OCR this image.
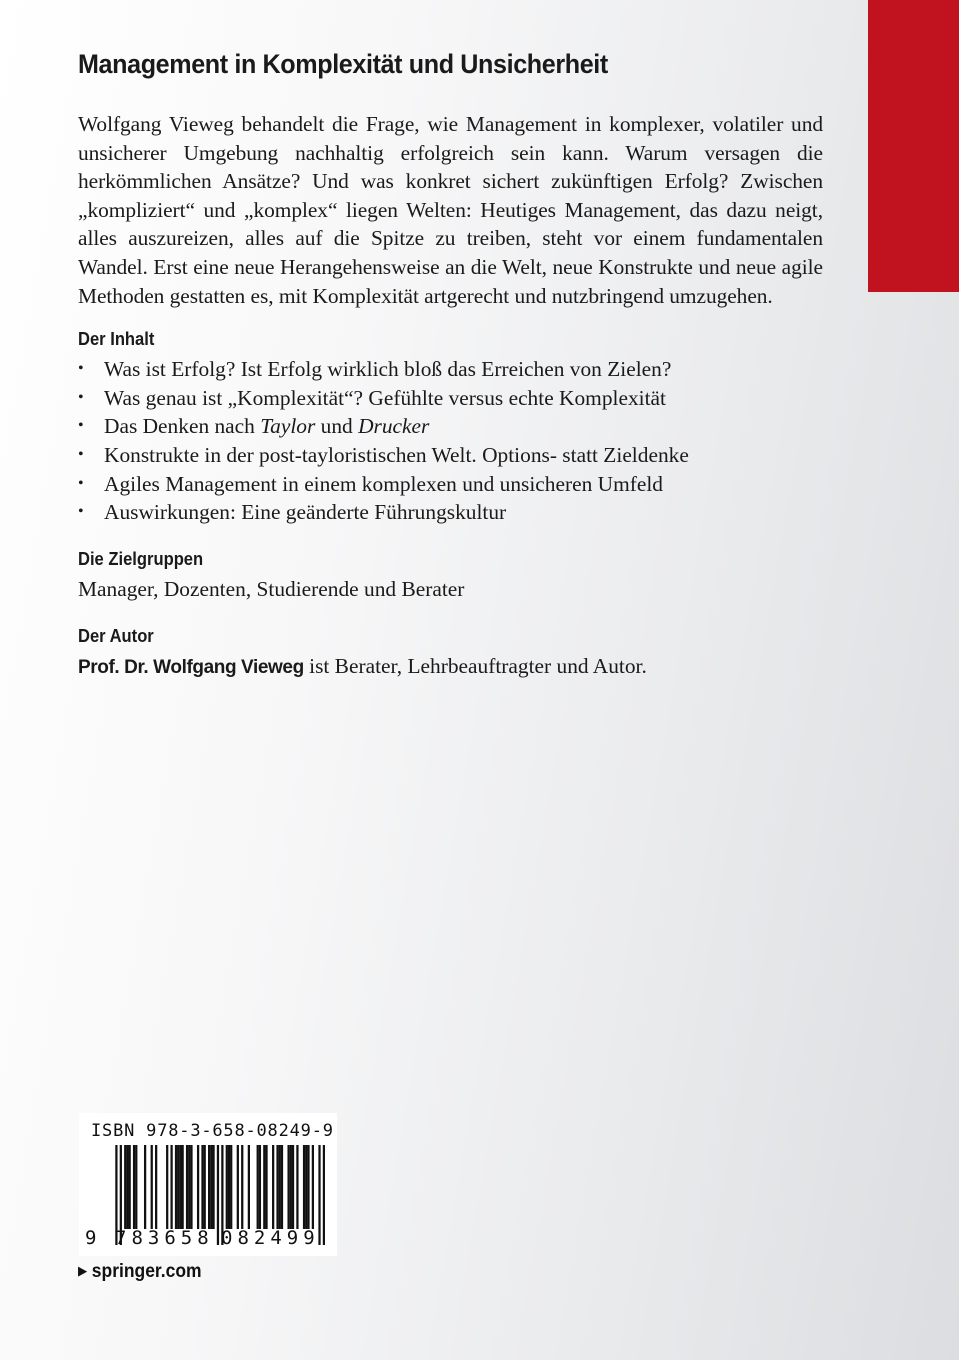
Management in Komplexität und Unsicherheit

Wolfgang Vieweg behandelt die Frage, wie Management in komplexer, volatiler und unsicherer Umgebung nachhaltig erfolgreich sein kann. Warum versagen die herkömmlichen Ansätze? Und was konkret sichert zukünftigen Erfolg? Zwischen „kompliziert“ und „komplex“ liegen Welten: Heutiges Management, das dazu neigt, alles auszureizen, alles auf die Spitze zu treiben, steht vor einem fundamentalen Wandel. Erst eine neue Herangehensweise an die Welt, neue Konstrukte und neue agile Methoden gestatten es, mit Komplexität artgerecht und nutzbringend umzugehen.

Der Inhalt
• Was ist Erfolg? Ist Erfolg wirklich bloß das Erreichen von Zielen?
• Was genau ist „Komplexität“? Gefühlte versus echte Komplexität
• Das Denken nach Taylor und Drucker
• Konstrukte in der post-tayloristischen Welt. Options- statt Zieldenke
• Agiles Management in einem komplexen und unsicheren Umfeld
• Auswirkungen: Eine geänderte Führungskultur
Die Zielgruppen

Manager, Dozenten, Studierende und Berater

Der Autor

Prof. Dr. Wolfgang Vieweg ist Berater, Lehrbeauftragter und Autor.

ISBN 978-3-658-08249-9
9 783658 082499
▶ springer.com
